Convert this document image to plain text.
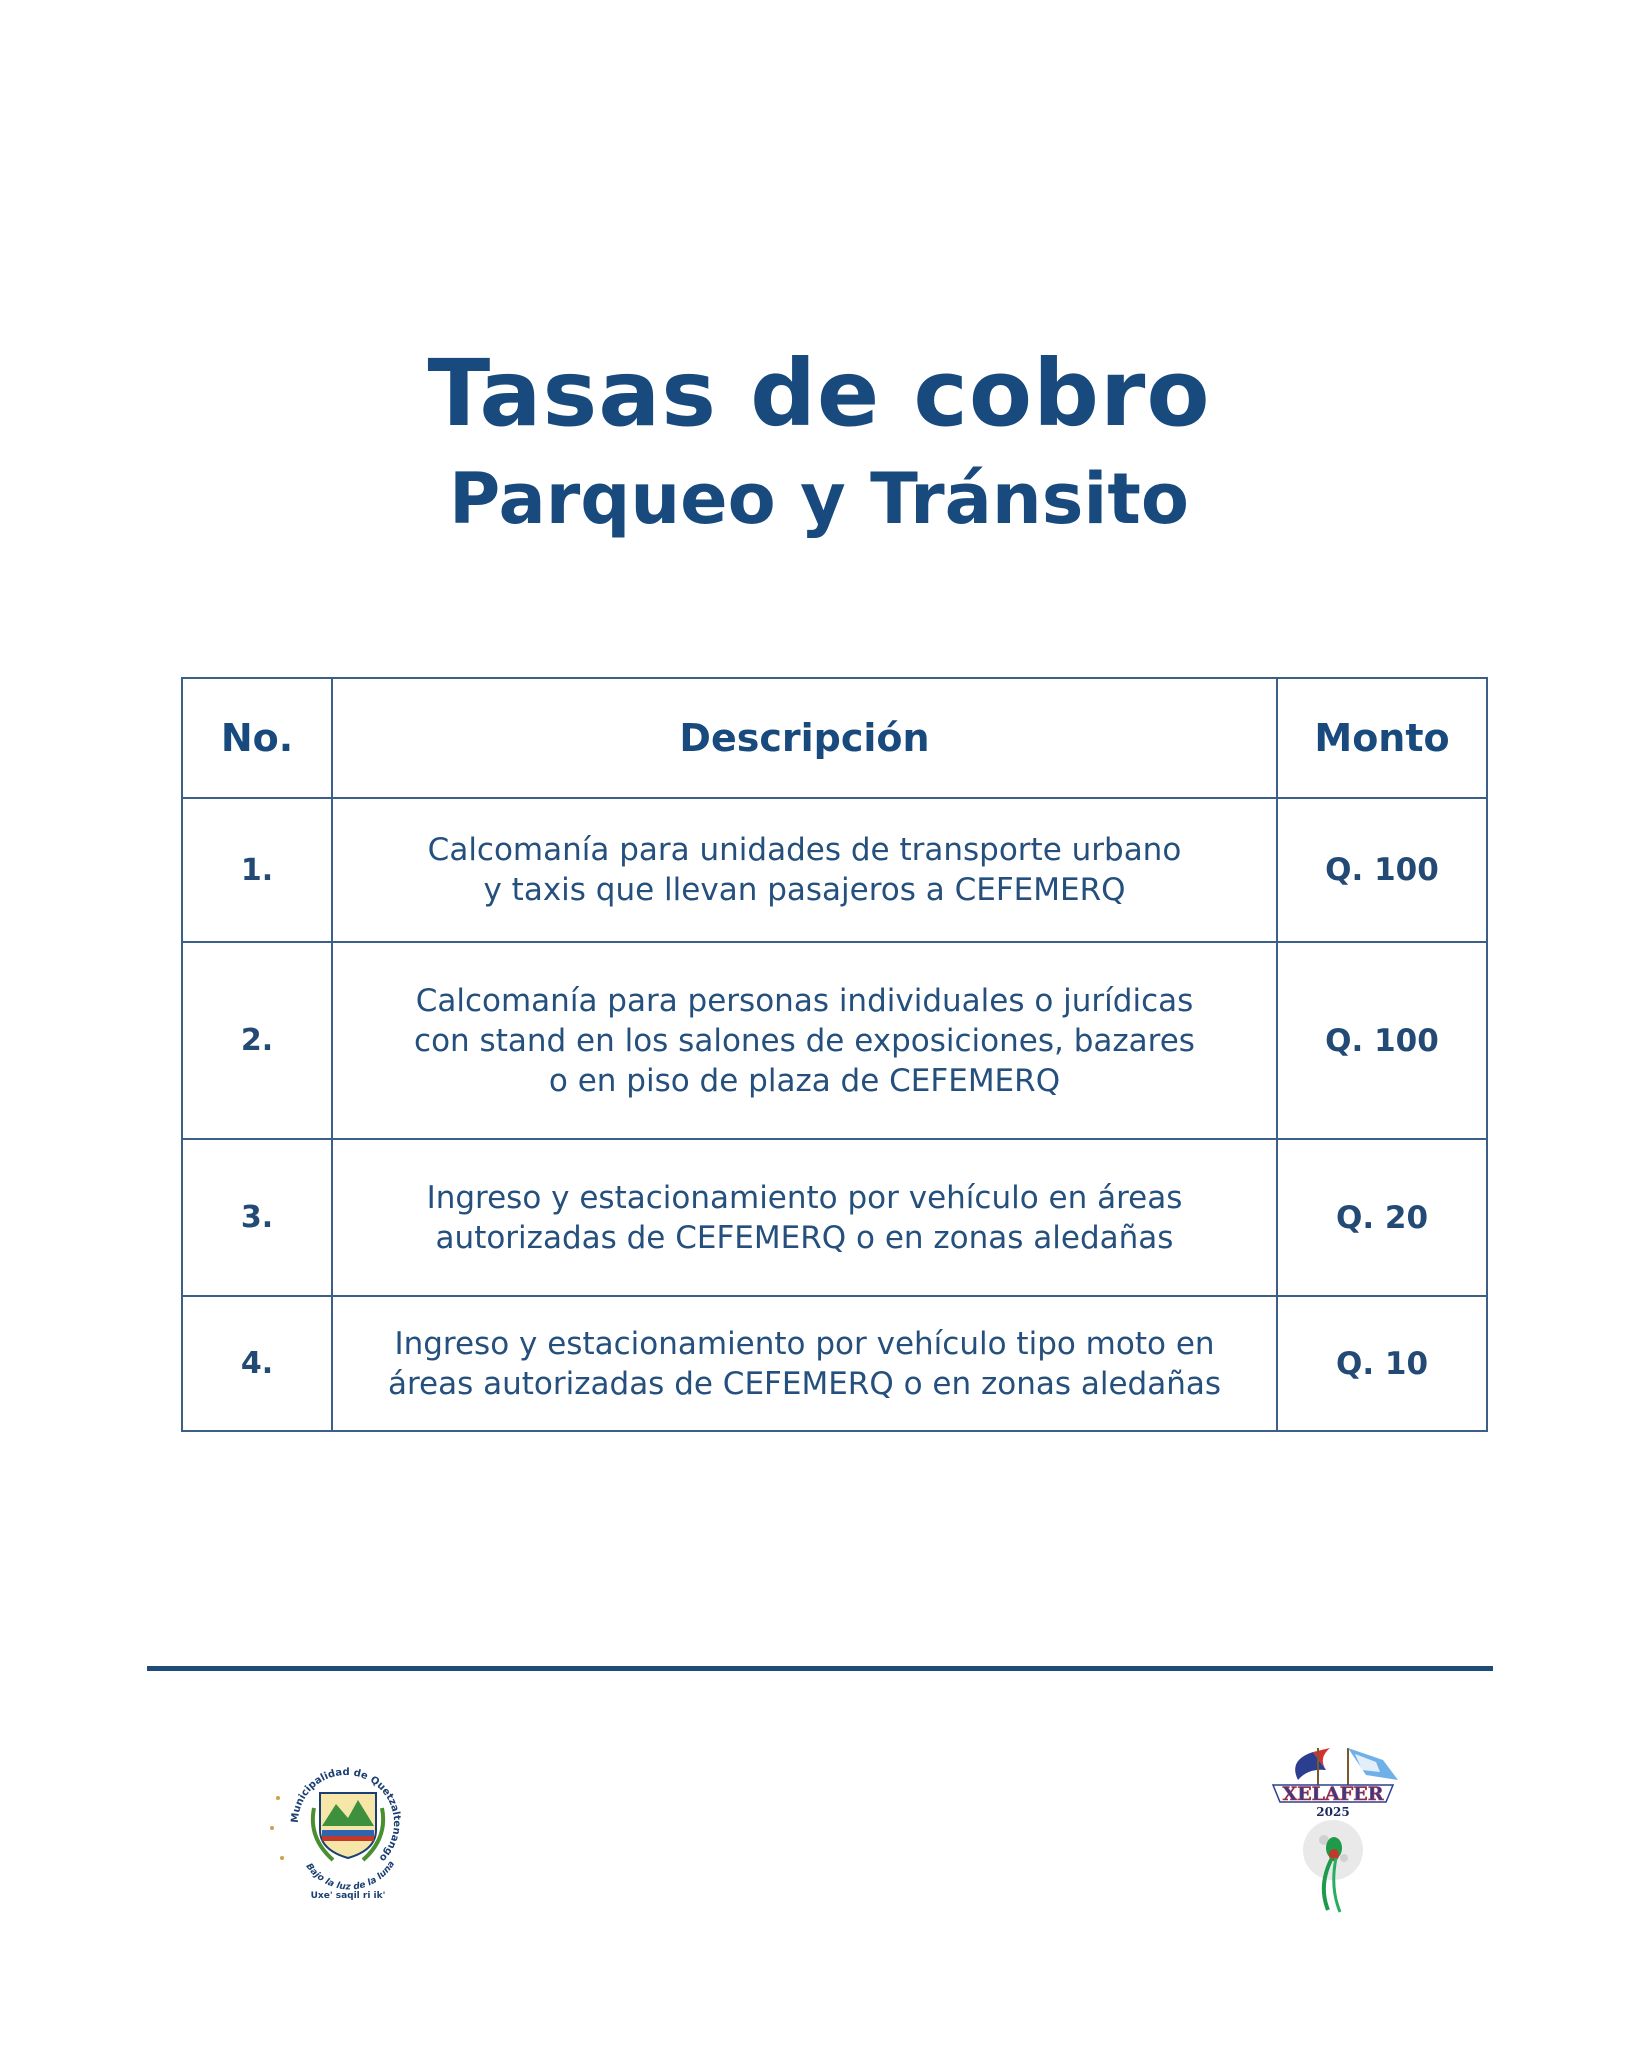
Tasas de cobro
Parqueo y Tránsito
No.	Descripción	Monto
1.	Calcomanía para unidades de transporte urbano
y taxis que llevan pasajeros a CEFEMERQ	Q. 100
2.	Calcomanía para personas individuales o jurídicas
con stand en los salones de exposiciones, bazares
o en piso de plaza de CEFEMERQ	Q. 100
3.	Ingreso y estacionamiento por vehículo en áreas
autorizadas de CEFEMERQ o en zonas aledañas	Q. 20
4.	Ingreso y estacionamiento por vehículo tipo moto en
áreas autorizadas de CEFEMERQ o en zonas aledañas	Q. 10
Municipalidad de Quetzaltenango
Bajo la luz de la luna
Uxe' saqil ri ik'
XELAFER
2025
